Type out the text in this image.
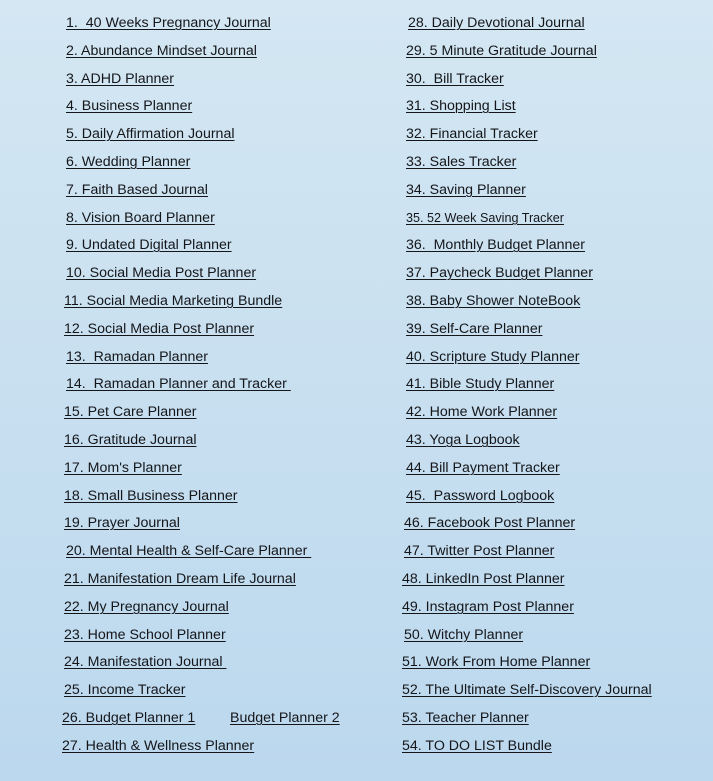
1.  40 Weeks Pregnancy Journal
2. Abundance Mindset Journal
3. ADHD Planner
4. Business Planner
5. Daily Affirmation Journal
6. Wedding Planner
7. Faith Based Journal
8. Vision Board Planner
9. Undated Digital Planner
10. Social Media Post Planner
11. Social Media Marketing Bundle
12. Social Media Post Planner
13.  Ramadan Planner
14.  Ramadan Planner and Tracker
15. Pet Care Planner
16. Gratitude Journal
17. Mom's Planner
18. Small Business Planner
19. Prayer Journal
20. Mental Health & Self-Care Planner
21. Manifestation Dream Life Journal
22. My Pregnancy Journal
23. Home School Planner
24. Manifestation Journal
25. Income Tracker
26. Budget Planner 1
27. Health & Wellness Planner
Budget Planner 2
28. Daily Devotional Journal
29. 5 Minute Gratitude Journal
30.  Bill Tracker
31. Shopping List
32. Financial Tracker
33. Sales Tracker
34. Saving Planner
35. 52 Week Saving Tracker
36.  Monthly Budget Planner
37. Paycheck Budget Planner
38. Baby Shower NoteBook
39. Self-Care Planner
40. Scripture Study Planner
41. Bible Study Planner
42. Home Work Planner
43. Yoga Logbook
44. Bill Payment Tracker
45.  Password Logbook
46. Facebook Post Planner
47. Twitter Post Planner
48. LinkedIn Post Planner
49. Instagram Post Planner
50. Witchy Planner
51. Work From Home Planner
52. The Ultimate Self-Discovery Journal
53. Teacher Planner
54. TO DO LIST Bundle
